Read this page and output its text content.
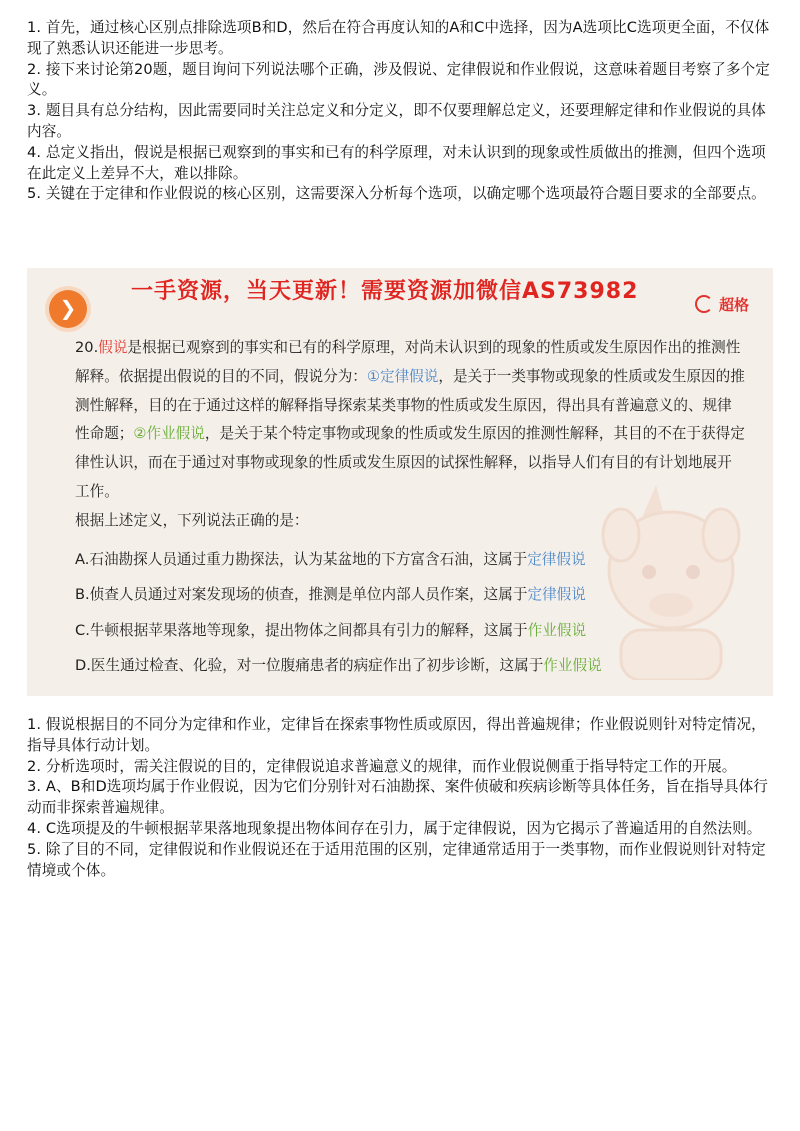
1. 首先，通过核心区别点排除选项B和D，然后在符合再度认知的A和C中选择，因为A选项比C选项更全面，不仅体现了熟悉认识还能进一步思考。

2. 接下来讨论第20题，题目询问下列说法哪个正确，涉及假说、定律假说和作业假说，这意味着题目考察了多个定义。

3. 题目具有总分结构，因此需要同时关注总定义和分定义，即不仅要理解总定义，还要理解定律和作业假说的具体内容。

4. 总定义指出，假说是根据已观察到的事实和已有的科学原理，对未认识到的现象或性质做出的推测，但四个选项在此定义上差异不大，难以排除。

5. 关键在于定律和作业假说的核心区别，这需要深入分析每个选项，以确定哪个选项最符合题目要求的全部要点。

❯
一手资源，当天更新！需要资源加微信AS73982
超格
20.假说是根据已观察到的事实和已有的科学原理，对尚未认识到的现象的性质或发生原因作出的推测性解释。依据提出假说的目的不同，假说分为：①定律假说，是关于一类事物或现象的性质或发生原因的推测性解释，目的在于通过这样的解释指导探索某类事物的性质或发生原因，得出具有普遍意义的、规律性命题；②作业假说，是关于某个特定事物或现象的性质或发生原因的推测性解释，其目的不在于获得定律性认识，而在于通过对事物或现象的性质或发生原因的试探性解释，以指导人们有目的有计划地展开工作。
根据上述定义，下列说法正确的是：
A.石油勘探人员通过重力勘探法，认为某盆地的下方富含石油，这属于定律假说
B.侦查人员通过对案发现场的侦查，推测是单位内部人员作案，这属于定律假说
C.牛顿根据苹果落地等现象，提出物体之间都具有引力的解释，这属于作业假说
D.医生通过检查、化验，对一位腹痛患者的病症作出了初步诊断，这属于作业假说

1. 假说根据目的不同分为定律和作业，定律旨在探索事物性质或原因，得出普遍规律；作业假说则针对特定情况，指导具体行动计划。

2. 分析选项时，需关注假说的目的，定律假说追求普遍意义的规律，而作业假说侧重于指导特定工作的开展。

3. A、B和D选项均属于作业假说，因为它们分别针对石油勘探、案件侦破和疾病诊断等具体任务，旨在指导具体行动而非探索普遍规律。

4. C选项提及的牛顿根据苹果落地现象提出物体间存在引力，属于定律假说，因为它揭示了普遍适用的自然法则。

5. 除了目的不同，定律假说和作业假说还在于适用范围的区别，定律通常适用于一类事物，而作业假说则针对特定情境或个体。
